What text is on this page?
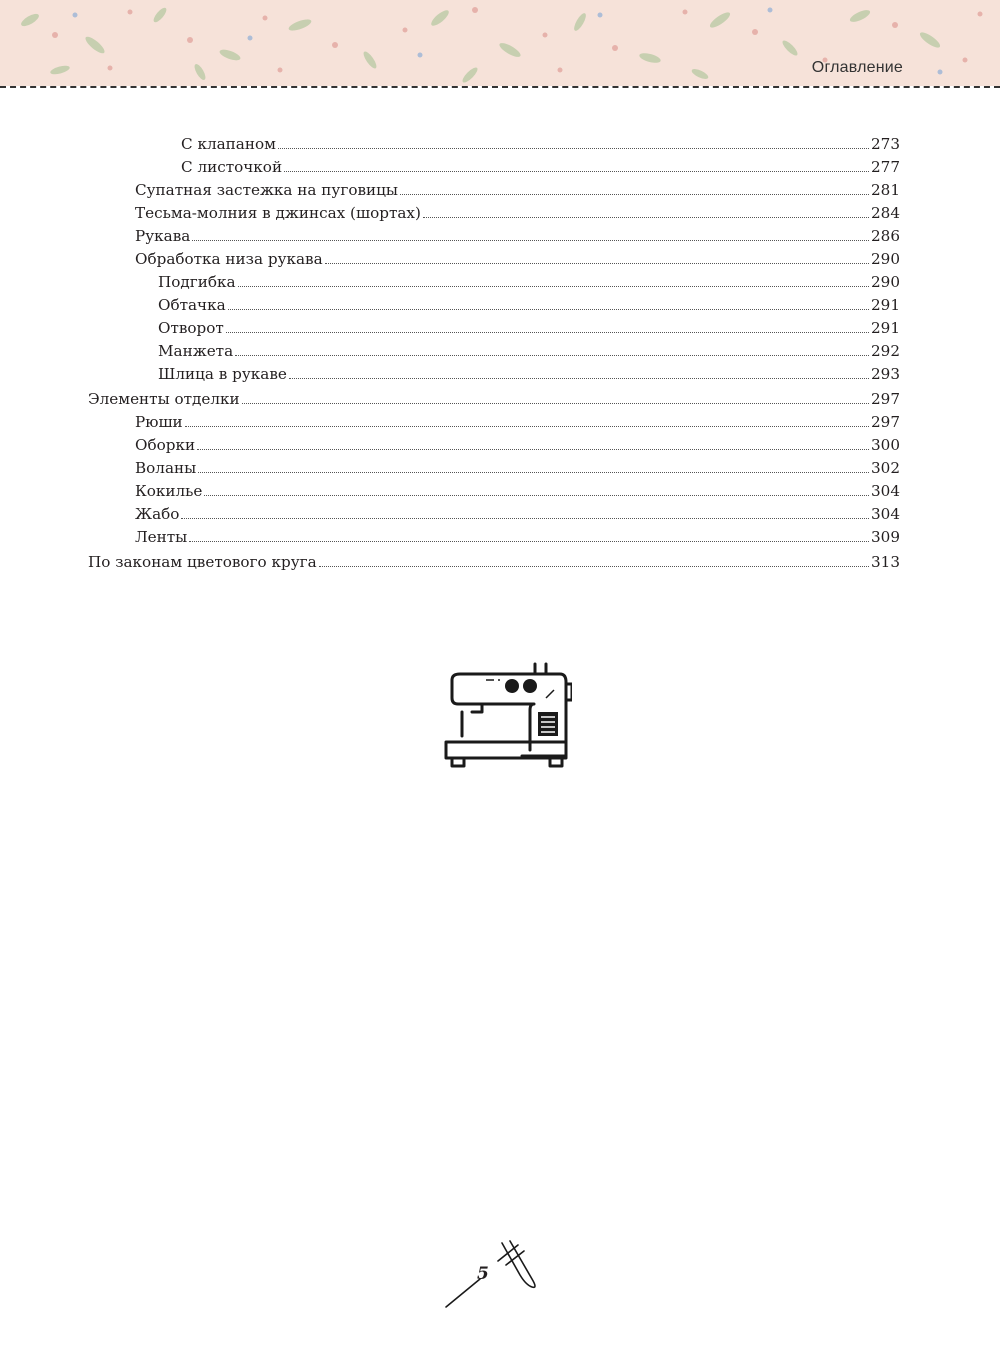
Оглавление
С клапаном	273
С листочкой	277
Супатная застежка на пуговицы	281
Тесьма-молния в джинсах (шортах)	284
Рукава	286
Обработка низа рукава	290
Подгибка	290
Обтачка	291
Отворот	291
Манжета	292
Шлица в рукаве	293
Элементы отделки	297
Рюши	297
Оборки	300
Воланы	302
Кокилье	304
Жабо	304
Ленты	309
По законам цветового круга	313
5
